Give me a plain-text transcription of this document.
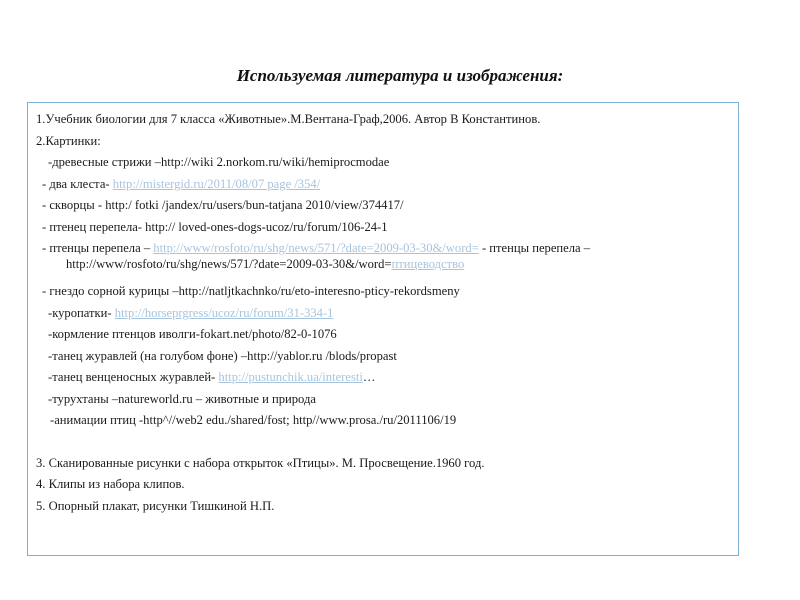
Используемая литература и изображения:
1.Учебник биологии для 7 класса «Животные».М.Вентана-Граф,2006. Автор В Константинов.
2.Картинки:
-древесные стрижи –http://wiki 2.norkom.ru/wiki/hemiprocmodae
- два клеста- http://mistergid.ru/2011/08/07 page /354/
- скворцы - http:/ fotki /jandex/ru/users/bun-tatjana 2010/view/374417/
- птенец перепела- http:// loved-ones-dogs-ucoz/ru/forum/106-24-1
- птенцы перепела – http://www/rosfoto/ru/shg/news/571/?date=2009-03-30&/word= - птенцы перепела –
http://www/rosfoto/ru/shg/news/571/?date=2009-03-30&/word=птицеводство
- гнездо сорной курицы –http://natljtkachnko/ru/eto-interesno-pticy-rekordsmeny
-куропатки- http://horseprgress/ucoz/ru/forum/31-334-1
-кормление птенцов иволги-fokart.net/photo/82-0-1076
-танец журавлей (на голубом фоне) –http://yablor.ru /blods/propast
-танец венценосных журавлей- http://pustunchik.ua/interesti…
-турухтаны –natureworld.ru – животные и природа
-анимации птиц -http^//web2 edu./shared/fost; http//www.prosa./ru/2011106/19
3. Сканированные рисунки с набора открыток «Птицы». М. Просвещение.1960 год.
4. Клипы из набора клипов.
5. Опорный плакат, рисунки Тишкиной Н.П.
